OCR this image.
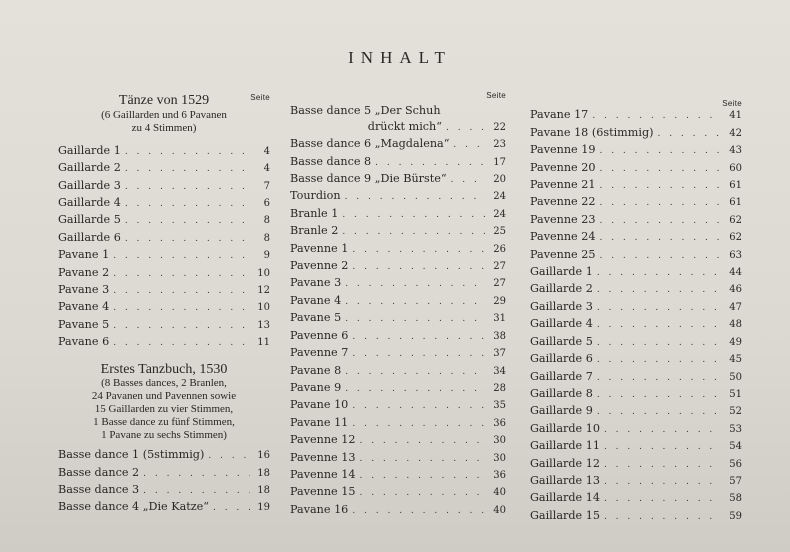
INHALT
Seite
Tänze von 1529
(6 Gaillarden und 6 Pavanen
zu 4 Stimmen)
Gaillarde 1 . . .	4
Gaillarde 2 . . .	4
Gaillarde 3 . . .	7
Gaillarde 4 . . .	6
Gaillarde 5 . . .	8
Gaillarde 6 . . .	8
Pavane 1 . . .	9
Pavane 2 . . .	10
Pavane 3 . . .	12
Pavane 4 . . .	10
Pavane 5 . . .	13
Pavane 6 . . .	11
Erstes Tanzbuch, 1530
(8 Basses dances, 2 Branlen,
24 Pavanen und Pavennen sowie
15 Gaillarden zu vier Stimmen,
1 Basse dance zu fünf Stimmen,
1 Pavane zu sechs Stimmen)
Basse dance 1 (5stimmig) . . .	16
Basse dance 2 . . .	18
Basse dance 3 . . .	18
Basse dance 4 „Die Katze“ . . .	19
Seite
Basse dance 5 „Der Schuh
drückt mich“ . . .	22
Basse dance 6 „Magdalena“ . . .	23
Basse dance 8 . . .	17
Basse dance 9 „Die Bürste“ . . .	20
Tourdion . . .	24
Branle 1 . . .	24
Branle 2 . . .	25
Pavenne 1 . . .	26
Pavenne 2 . . .	27
Pavane 3 . . .	27
Pavane 4 . . .	29
Pavane 5 . . .	31
Pavenne 6 . . .	38
Pavenne 7 . . .	37
Pavane 8 . . .	34
Pavane 9 . . .	28
Pavane 10 . . .	35
Pavane 11 . . .	36
Pavenne 12 . . .	30
Pavenne 13 . . .	30
Pavenne 14 . . .	36
Pavenne 15 . . .	40
Pavane 16 . . .	40
Seite
Pavane 17 . . .	41
Pavane 18 (6stimmig) . . .	42
Pavenne 19 . . .	43
Pavenne 20 . . .	60
Pavenne 21 . . .	61
Pavenne 22 . . .	61
Pavenne 23 . . .	62
Pavenne 24 . . .	62
Pavenne 25 . . .	63
Gaillarde 1 . . .	44
Gaillarde 2 . . .	46
Gaillarde 3 . . .	47
Gaillarde 4 . . .	48
Gaillarde 5 . . .	49
Gaillarde 6 . . .	45
Gaillarde 7 . . .	50
Gaillarde 8 . . .	51
Gaillarde 9 . . .	52
Gaillarde 10 . . .	53
Gaillarde 11 . . .	54
Gaillarde 12 . . .	56
Gaillarde 13 . . .	57
Gaillarde 14 . . .	58
Gaillarde 15 . . .	59
